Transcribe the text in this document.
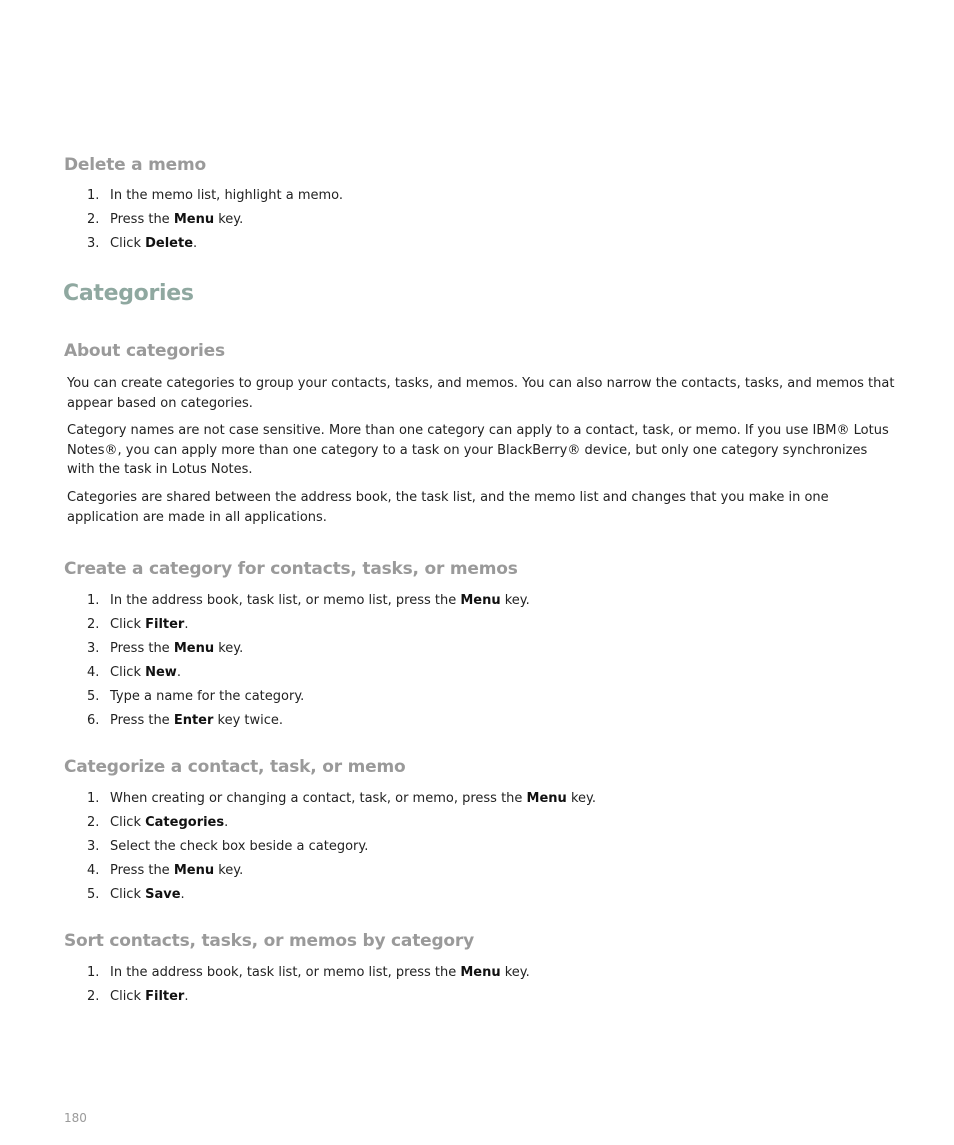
Delete a memo
1. In the memo list, highlight a memo.
2. Press the Menu key.
3. Click Delete.
Categories
About categories

You can create categories to group your contacts, tasks, and memos. You can also narrow the contacts, tasks, and memos that appear based on categories.

Category names are not case sensitive. More than one category can apply to a contact, task, or memo. If you use IBM® Lotus Notes®, you can apply more than one category to a task on your BlackBerry® device, but only one category synchronizes with the task in Lotus Notes.

Categories are shared between the address book, the task list, and the memo list and changes that you make in one application are made in all applications.

Create a category for contacts, tasks, or memos
1. In the address book, task list, or memo list, press the Menu key.
2. Click Filter.
3. Press the Menu key.
4. Click New.
5. Type a name for the category.
6. Press the Enter key twice.
Categorize a contact, task, or memo
1. When creating or changing a contact, task, or memo, press the Menu key.
2. Click Categories.
3. Select the check box beside a category.
4. Press the Menu key.
5. Click Save.
Sort contacts, tasks, or memos by category
1. In the address book, task list, or memo list, press the Menu key.
2. Click Filter.
180
